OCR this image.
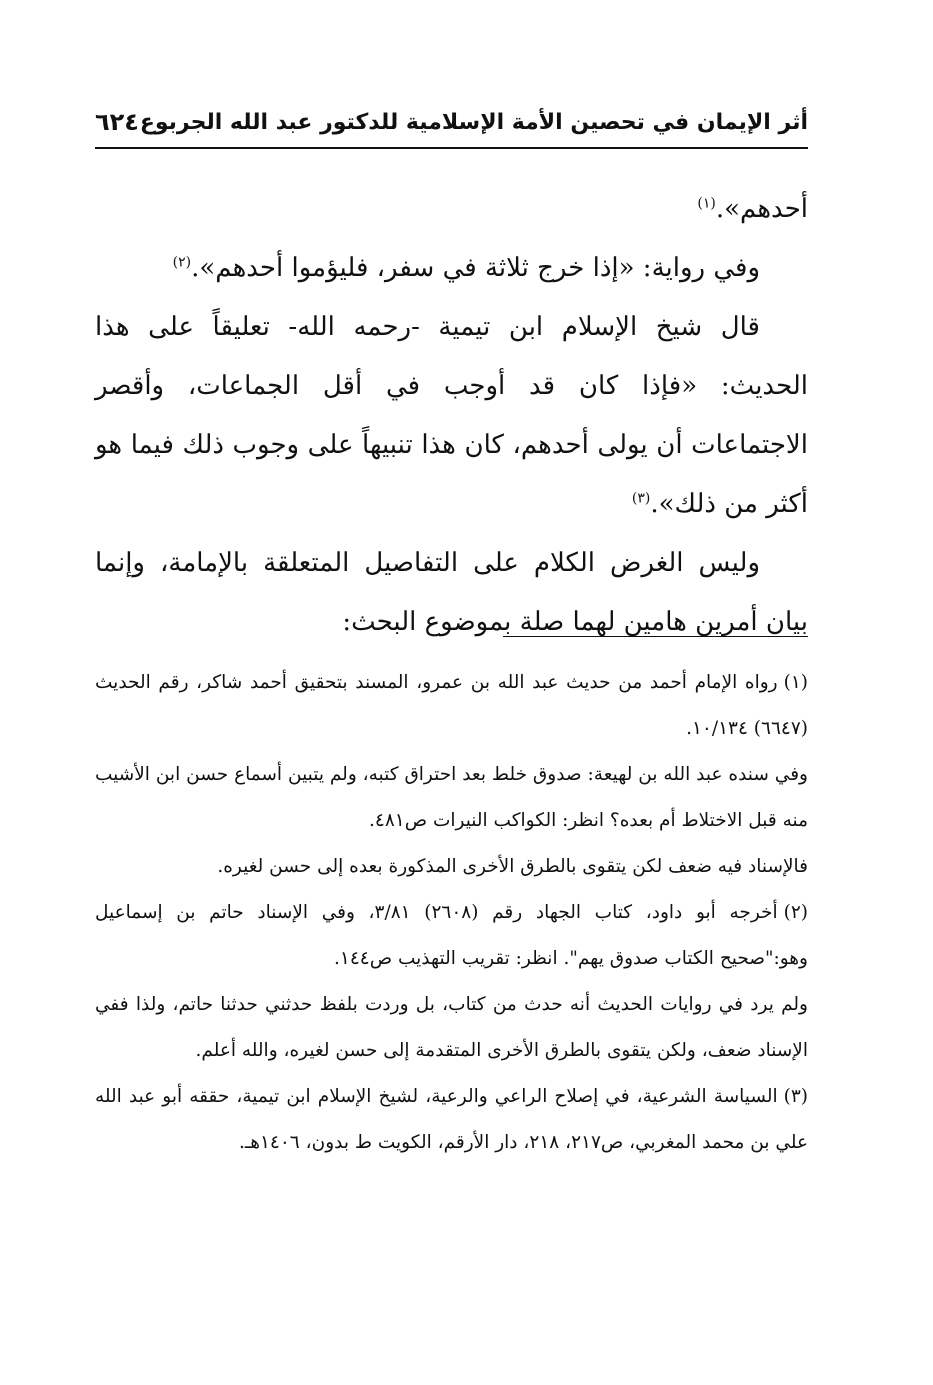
أثر الإيمان في تحصين الأمة الإسلامية للدكتور عبد الله الجربوع
٦٢٤

أحدهم».$^{(١)}$

وفي رواية: «إذا خرج ثلاثة في سفر، فليؤموا أحدهم».$^{(٢)}$

قال شيخ الإسلام ابن تيمية -رحمه الله- تعليقاً على هذا الحديث: «فإذا كان قد أوجب في أقل الجماعات، وأقصر الاجتماعات أن يولى أحدهم، كان هذا تنبيهاً على وجوب ذلك فيما هو أكثر من ذلك».$^{(٣)}$

وليس الغرض الكلام على التفاصيل المتعلقة بالإمامة، وإنما بيان أمرين هامين لهما صلة بموضوع البحث:

(١)رواه الإمام أحمد من حديث عبد الله بن عمرو، المسند بتحقيق أحمد شاكر، رقم الحديث (٦٦٤٧) ١٠/١٣٤.

وفي سنده عبد الله بن لهيعة: صدوق خلط بعد احتراق كتبه، ولم يتبين أسماع حسن ابن الأشيب منه قبل الاختلاط أم بعده؟ انظر: الكواكب النيرات ص٤٨١.

فالإسناد فيه ضعف لكن يتقوى بالطرق الأخرى المذكورة بعده إلى حسن لغيره.

(٢)أخرجه أبو داود، كتاب الجهاد رقم (٢٦٠٨) ٣/٨١، وفي الإسناد حاتم بن إسماعيل وهو:"صحيح الكتاب صدوق يهم". انظر: تقريب التهذيب ص١٤٤.

ولم يرد في روايات الحديث أنه حدث من كتاب، بل وردت بلفظ حدثني حدثنا حاتم، ولذا ففي الإسناد ضعف، ولكن يتقوى بالطرق الأخرى المتقدمة إلى حسن لغيره، والله أعلم.

(٣)السياسة الشرعية، في إصلاح الراعي والرعية، لشيخ الإسلام ابن تيمية، حققه أبو عبد الله علي بن محمد المغربي، ص٢١٧، ٢١٨، دار الأرقم، الكويت ط بدون، ١٤٠٦هـ.
